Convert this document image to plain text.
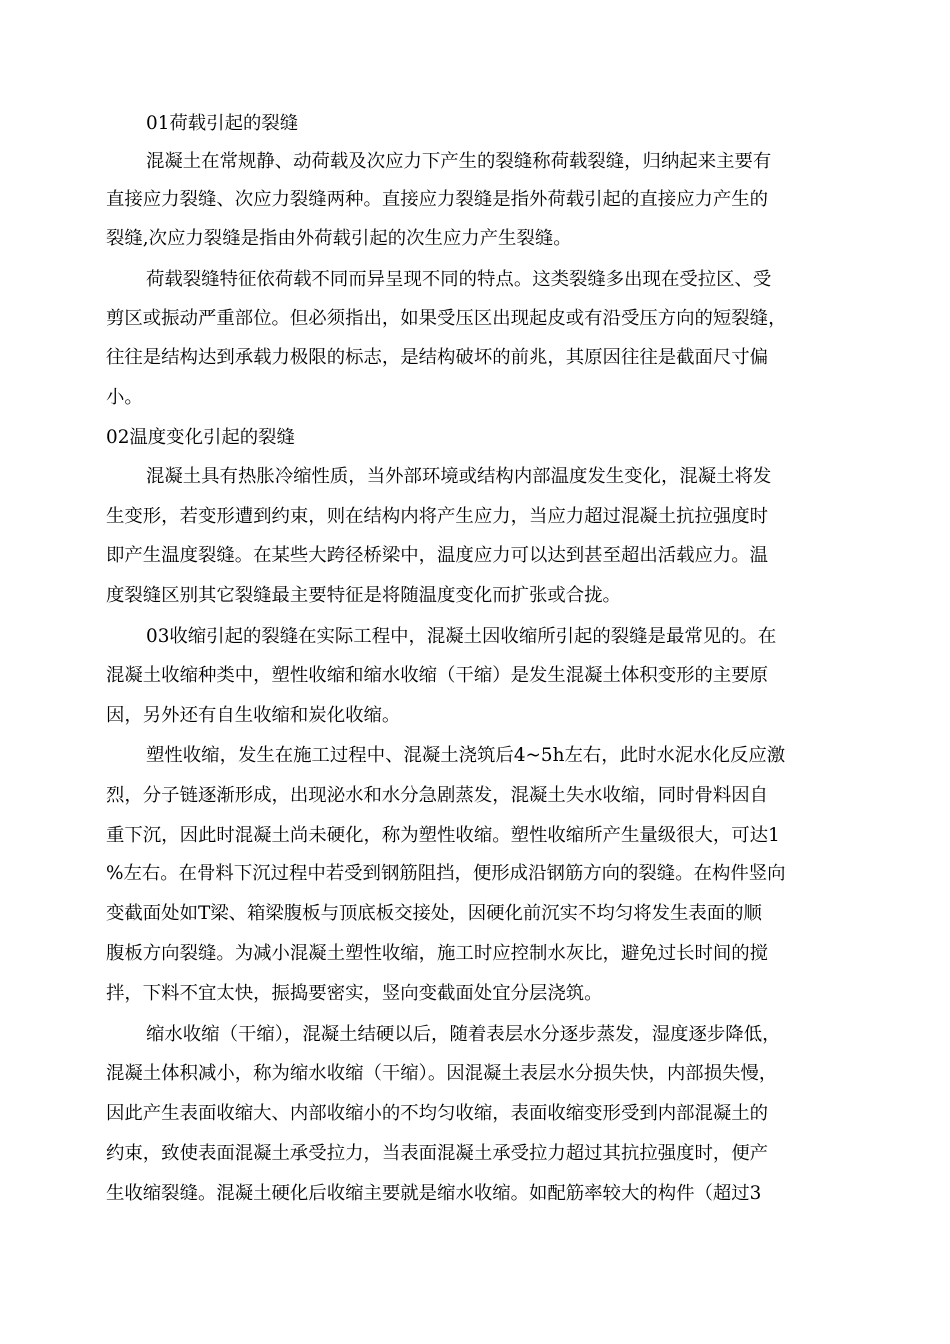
01荷载引起的裂缝
混凝土在常规静、动荷载及次应力下产生的裂缝称荷载裂缝，归纳起来主要有
直接应力裂缝、次应力裂缝两种。直接应力裂缝是指外荷载引起的直接应力产生的
裂缝,次应力裂缝是指由外荷载引起的次生应力产生裂缝。
荷载裂缝特征依荷载不同而异呈现不同的特点。这类裂缝多出现在受拉区、受
剪区或振动严重部位。但必须指出，如果受压区出现起皮或有沿受压方向的短裂缝，
往往是结构达到承载力极限的标志，是结构破坏的前兆，其原因往往是截面尺寸偏
小。
02温度变化引起的裂缝
混凝土具有热胀冷缩性质，当外部环境或结构内部温度发生变化，混凝土将发
生变形，若变形遭到约束，则在结构内将产生应力，当应力超过混凝土抗拉强度时
即产生温度裂缝。在某些大跨径桥梁中，温度应力可以达到甚至超出活载应力。温
度裂缝区别其它裂缝最主要特征是将随温度变化而扩张或合拢。
03收缩引起的裂缝在实际工程中，混凝土因收缩所引起的裂缝是最常见的。在
混凝土收缩种类中，塑性收缩和缩水收缩（干缩）是发生混凝土体积变形的主要原
因，另外还有自生收缩和炭化收缩。
塑性收缩，发生在施工过程中、混凝土浇筑后4~5h左右，此时水泥水化反应激
烈，分子链逐渐形成，出现泌水和水分急剧蒸发，混凝土失水收缩，同时骨料因自
重下沉，因此时混凝土尚未硬化，称为塑性收缩。塑性收缩所产生量级很大，可达1
%左右。在骨料下沉过程中若受到钢筋阻挡，便形成沿钢筋方向的裂缝。在构件竖向
变截面处如T梁、箱梁腹板与顶底板交接处，因硬化前沉实不均匀将发生表面的顺
腹板方向裂缝。为减小混凝土塑性收缩，施工时应控制水灰比，避免过长时间的搅
拌，下料不宜太快，振捣要密实，竖向变截面处宜分层浇筑。
缩水收缩（干缩），混凝土结硬以后，随着表层水分逐步蒸发，湿度逐步降低，
混凝土体积减小，称为缩水收缩（干缩）。因混凝土表层水分损失快，内部损失慢，
因此产生表面收缩大、内部收缩小的不均匀收缩，表面收缩变形受到内部混凝土的
约束，致使表面混凝土承受拉力，当表面混凝土承受拉力超过其抗拉强度时，便产
生收缩裂缝。混凝土硬化后收缩主要就是缩水收缩。如配筋率较大的构件（超过3
